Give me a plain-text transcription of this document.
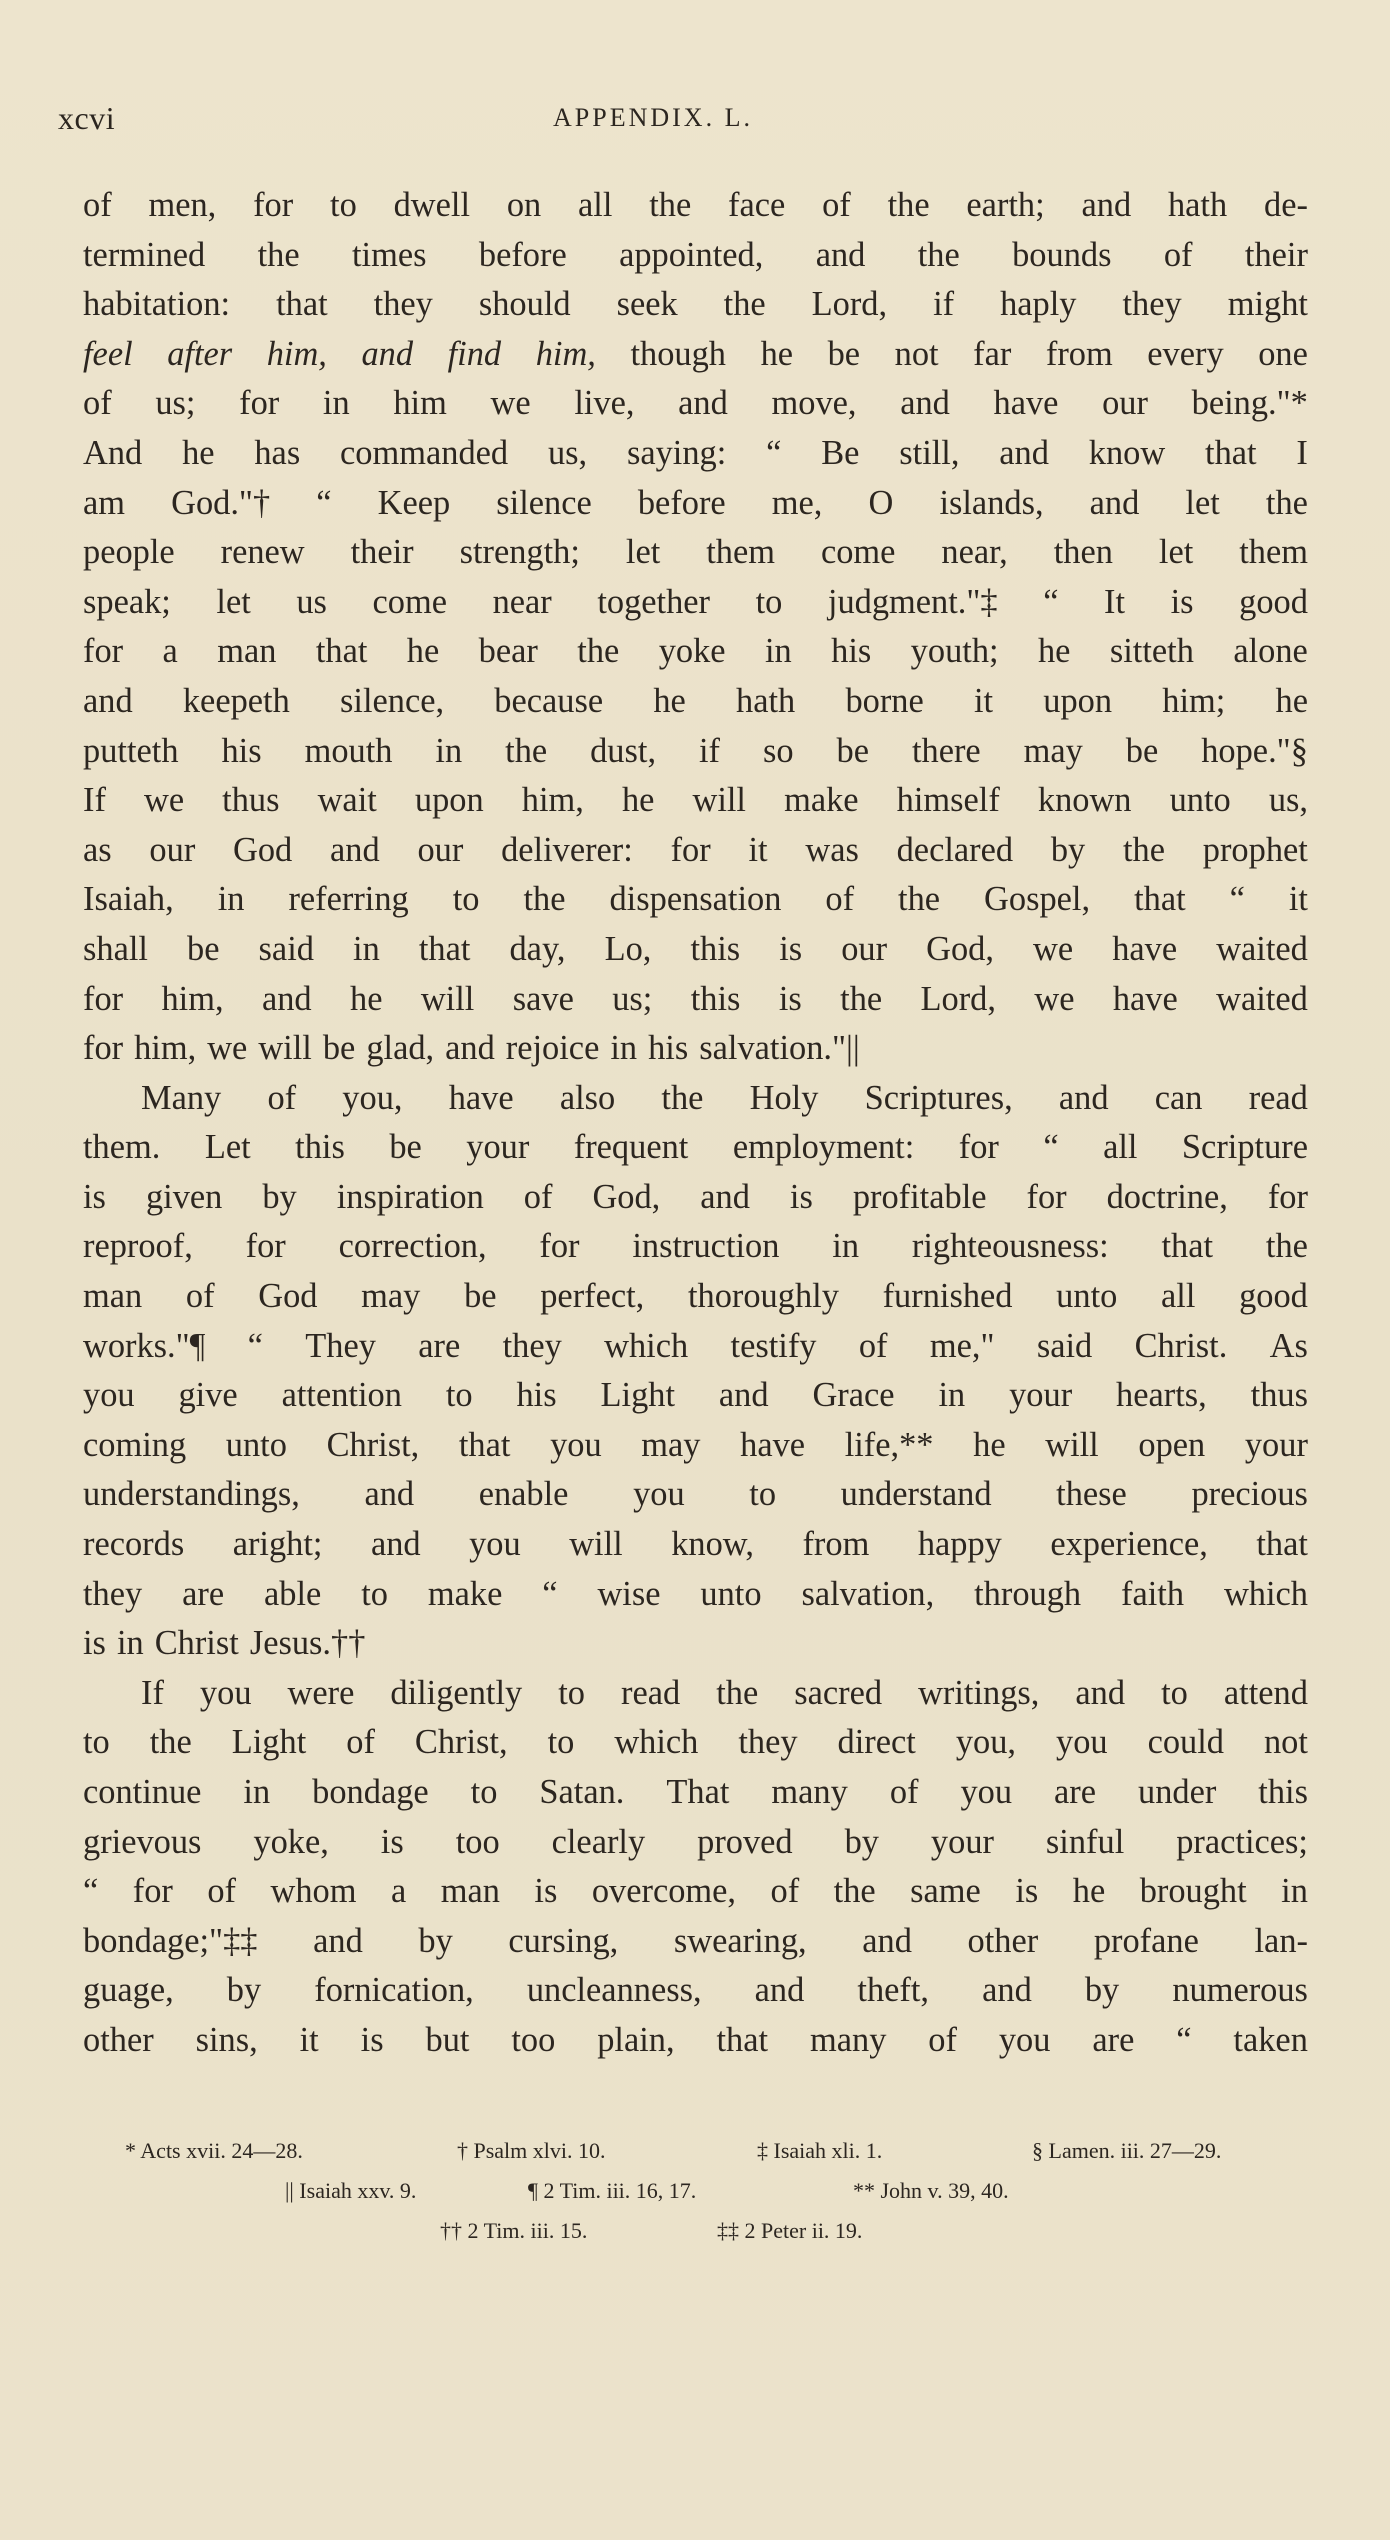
xcvi	APPENDIX. L.
of men, for to dwell on all the face of the earth; and hath de-
termined the times before appointed, and the bounds of their
habitation: that they should seek the Lord, if haply they might
feel after him, and find him, though he be not far from every one
of us; for in him we live, and move, and have our being."*
And he has commanded us, saying: “ Be still, and know that I
am God."† “ Keep silence before me, O islands, and let the
people renew their strength; let them come near, then let them
speak; let us come near together to judgment."‡ “ It is good
for a man that he bear the yoke in his youth; he sitteth alone
and keepeth silence, because he hath borne it upon him; he
putteth his mouth in the dust, if so be there may be hope."§
If we thus wait upon him, he will make himself known unto us,
as our God and our deliverer: for it was declared by the prophet
Isaiah, in referring to the dispensation of the Gospel, that “ it
shall be said in that day, Lo, this is our God, we have waited
for him, and he will save us; this is the Lord, we have waited
for him, we will be glad, and rejoice in his salvation."||
Many of you, have also the Holy Scriptures, and can read
them. Let this be your frequent employment: for “ all Scripture
is given by inspiration of God, and is profitable for doctrine, for
reproof, for correction, for instruction in righteousness: that the
man of God may be perfect, thoroughly furnished unto all good
works."¶ “ They are they which testify of me," said Christ. As
you give attention to his Light and Grace in your hearts, thus
coming unto Christ, that you may have life,** he will open your
understandings, and enable you to understand these precious
records aright; and you will know, from happy experience, that
they are able to make “ wise unto salvation, through faith which
is in Christ Jesus.††
If you were diligently to read the sacred writings, and to attend
to the Light of Christ, to which they direct you, you could not
continue in bondage to Satan. That many of you are under this
grievous yoke, is too clearly proved by your sinful practices;
“ for of whom a man is overcome, of the same is he brought in
bondage;"‡‡ and by cursing, swearing, and other profane lan-
guage, by fornication, uncleanness, and theft, and by numerous
other sins, it is but too plain, that many of you are “ taken
* Acts xvii. 24—28.	† Psalm xlvi. 10.	‡ Isaiah xli. 1.	§ Lamen. iii. 27—29.
|| Isaiah xxv. 9.	¶ 2 Tim. iii. 16, 17.	** John v. 39, 40.
†† 2 Tim. iii. 15.	‡‡ 2 Peter ii. 19.
